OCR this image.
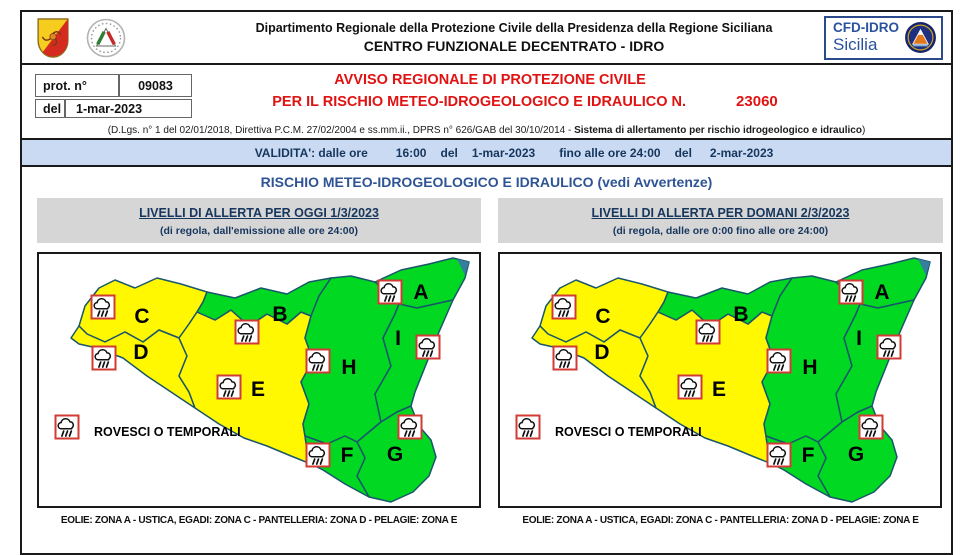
Dipartimento Regionale della Protezione Civile della Presidenza della Regione Siciliana
CENTRO FUNZIONALE DECENTRATO - IDRO
CFD-IDRO
Sicilia
prot. n°	09083
del	1-mar-2023
AVVISO REGIONALE DI PROTEZIONE CIVILE
PER IL RISCHIO METEO-IDROGEOLOGICO E IDRAULICO N.	23060
(D.Lgs. n° 1 del 02/01/2018, Direttiva P.C.M. 27/02/2004 e ss.mm.ii., DPRS n° 626/GAB del 30/10/2014 - Sistema di allertamento per rischio idrogeologico e idraulico)
VALIDITA': dalle ore 16:00 del 1-mar-2023 fino alle ore 24:00 del 2-mar-2023
RISCHIO METEO-IDROGEOLOGICO E IDRAULICO (vedi Avvertenze)
LIVELLI DI ALLERTA PER OGGI 1/3/2023
(di regola, dall'emissione alle ore 24:00)
C
D
E
B
H
A
I
G
F
ROVESCI O TEMPORALI
EOLIE: ZONA A - USTICA, EGADI: ZONA C - PANTELLERIA: ZONA D - PELAGIE: ZONA E
LIVELLI DI ALLERTA PER DOMANI 2/3/2023
(di regola, dalle ore 0:00 fino alle ore 24:00)
C
D
E
B
H
A
I
G
F
ROVESCI O TEMPORALI
EOLIE: ZONA A - USTICA, EGADI: ZONA C - PANTELLERIA: ZONA D - PELAGIE: ZONA E
